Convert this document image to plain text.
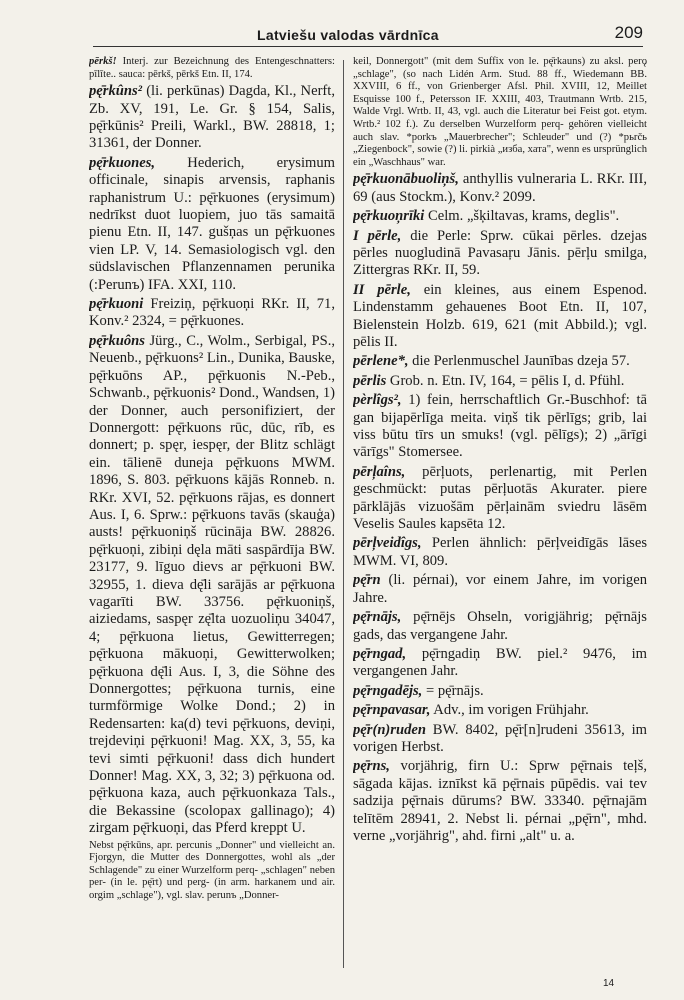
Latviešu valodas vārdnīca	209

pērkš! Interj. zur Bezeichnung des Entengeschnatters: pīlīte.. sauca: pērkš, pērkš Etn. II, 174.

pę̄rkûns² (li. perkūnas) Dagda, Kl., Nerft, Zb. XV, 191, Le. Gr. § 154, Salis, pę̄rkūnis² Preili, Warkl., BW. 28818, 1; 31361, der Donner.

pę̄rkuones, Hederich, erysimum officinale, sinapis arvensis, raphanis raphanistrum U.: pę̄rkuones (erysimum) nedrīkst duot luopiem, juo tās samaitā pienu Etn. II, 147. gušņas un pę̄rkuones vien LP. V, 14. Semasiologisch vgl. den südslavischen Pflanzennamen perunika (:Perunъ) IFA. XXI, 110.

pę̄rkuoni Freiziņ, pę̄rkuoņi RKr. II, 71, Konv.² 2324, = pę̄rkuones.

pę̄rkuôns Jürg., C., Wolm., Serbigal, PS., Neuenb., pę̄rkuons² Lin., Dunika, Bauske, pę̄rkuōns AP., pę̄rkuonis N.-Peb., Schwanb., pę̄rkuonis² Dond., Wandsen, 1) der Donner, auch personifiziert, der Donnergott: pę̄rkuons rūc, dūc, rīb, es donnert; p. spęr, iespęr, der Blitz schlägt ein. tālienē duneja pę̄rkuons MWM. 1896, S. 803. pę̄rkuons kājās Ronneb. n. RKr. XVI, 52. pę̄rkuons rājas, es donnert Aus. I, 6. Sprw.: pę̄rkuons tavās (skauģa) austs! pę̄rkuoniņš rūcināja BW. 28826. pę̄rkuoņi, zibiņi dęla māti saspārdīja BW. 23177, 9. līguo dievs ar pę̄rkuoni BW. 32955, 1. dieva dę̄li sarājās ar pę̄rkuona vagarīti BW. 33756. pę̄rkuoniņš, aiziedams, saspęr zę̄lta uozuoliņu 34047, 4; pę̄rkuona lietus, Gewitterregen; pę̄rkuona mākuoņi, Gewitterwolken; pę̄rkuona dę̄li Aus. I, 3, die Söhne des Donnergottes; pę̄rkuona turnis, eine turmförmige Wolke Dond.; 2) in Redensarten: ka(d) tevi pę̄rkuons, deviņi, trejdeviņi pę̄rkuoni! Mag. XX, 3, 55, ka tevi simti pę̄rkuoni! dass dich hundert Donner! Mag. XX, 3, 32; 3) pę̄rkuona od. pę̄rkuona kaza, auch pę̄rkuonkaza Tals., die Bekassine (scolopax gallinago); 4) zirgam pę̄rkuoņi, das Pferd kreppt U.

Nebst pę̄rkūns, apr. percunis „Donner" und vielleicht an. Fjorgyn, die Mutter des Donnergottes, wohl als „der Schlagende" zu einer Wurzelform perq- „schlagen" neben per- (in le. pę̄rt) und perg- (in arm. harkanem und air. orgim „schlage"), vgl. slav. perunъ „Donner-

keil, Donnergott" (mit dem Suffix von le. pę̄rkauns) zu aksl. perǫ „schlage", (so nach Lidén Arm. Stud. 88 ff., Wiedemann BB. XXVIII, 6 ff., von Grienberger Afsl. Phil. XVIII, 12, Meillet Esquisse 100 f., Petersson IF. XXIII, 403, Trautmann Wrtb. 215, Walde Vrgl. Wrtb. II, 43, vgl. auch die Literatur bei Feist got. etym. Wrtb.² 102 f.). Zu derselben Wurzelform perq- gehören vielleicht auch slav. *porkъ „Mauerbrecher"; Schleuder" und (?) *pьrčь „Ziegenbock", sowie (?) li. pirkià „изба, хата", wenn es ursprünglich ein „Waschhaus" war.

pę̄rkuonābuoliņš, anthyllis vulneraria L. RKr. III, 69 (aus Stockm.), Konv.² 2099.

pę̄rkuoņrīki Celm. „šķiltavas, krams, deglis".

I pērle, die Perle: Sprw. cūkai pērles. dzejas pērles nuogludinā Pavasaŗu Jānis. pērļu smilga, Zittergras RKr. II, 59.

II pērle, ein kleines, aus einem Espenod. Lindenstamm gehauenes Boot Etn. II, 107, Bielenstein Holzb. 619, 621 (mit Abbild.); vgl. pēlis II.

pērlene*, die Perlenmuschel Jaunības dzeja 57.

pērlis Grob. n. Etn. IV, 164, = pēlis I, d. Pfühl.

pèrlîgs², 1) fein, herrschaftlich Gr.-Buschhof: tā gan bijapērlīga meita. viņš tik pērlīgs; grib, lai viss būtu tīrs un smuks! (vgl. pēlīgs); 2) „ārīgi vārīgs" Stomersee.

pērļaîns, pērļuots, perlenartig, mit Perlen geschmückt: putas pērļuotās Akurater. piere pārklājās vizuošām pērļainām sviedru lāsēm Veselis Saules kapsēta 12.

pērļveidîgs, Perlen ähnlich: pērļveidīgās lāses MWM. VI, 809.

pę̄rn (li. pérnai), vor einem Jahre, im vorigen Jahre.

pę̄rnājs, pę̄rnējs Ohseln, vorigjährig; pę̄rnājs gads, das vergangene Jahr.

pę̄rngad, pę̄rngadiņ BW. piel.² 9476, im vergangenen Jahr.

pę̄rngadējs, = pę̄rnājs.

pę̄rnpavasar, Adv., im vorigen Frühjahr.

pę̄r(n)ruden BW. 8402, pę̄r[n]rudeni 35613, im vorigen Herbst.

pę̄rns, vorjährig, firn U.: Sprw pę̄rnais teļš, sāgada kājas. iznīkst kā pę̄rnais pūpēdis. vai tev sadzija pę̄rnais dūrums? BW. 33340. pę̄rnajām telītēm 28941, 2. Nebst li. pérnai „pę̄rn", mhd. verne „vorjährig", ahd. firni „alt" u. a.

14
